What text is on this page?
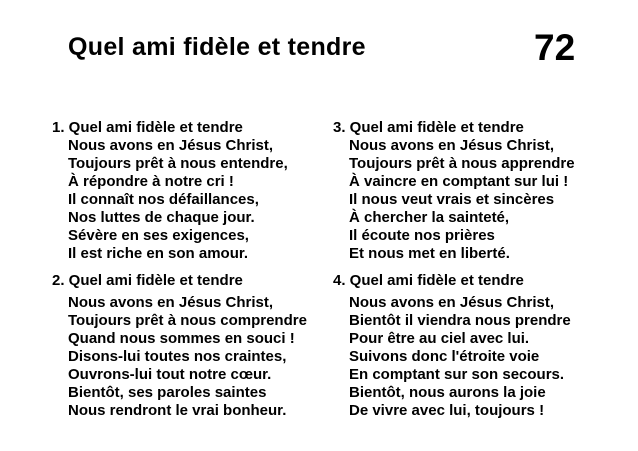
Quel ami fidèle et tendre	72
1. Quel ami fidèle et tendre
Nous avons en Jésus Christ,
Toujours prêt à nous entendre,
À répondre à notre cri !
Il connaît nos défaillances,
Nos luttes de chaque jour.
Sévère en ses exigences,
Il est riche en son amour.
3. Quel ami fidèle et tendre
Nous avons en Jésus Christ,
Toujours prêt à nous apprendre
À vaincre en comptant sur lui !
Il nous veut vrais et sincères
À chercher la sainteté,
Il écoute nos prières
Et nous met en liberté.
2. Quel ami fidèle et tendre
Nous avons en Jésus Christ,
Toujours prêt à nous comprendre
Quand nous sommes en souci !
Disons-lui toutes nos craintes,
Ouvrons-lui tout notre cœur.
Bientôt, ses paroles saintes
Nous rendront le vrai bonheur.
4. Quel ami fidèle et tendre
Nous avons en Jésus Christ,
Bientôt il viendra nous prendre
Pour être au ciel avec lui.
Suivons donc l'étroite voie
En comptant sur son secours.
Bientôt, nous aurons la joie
De vivre avec lui, toujours !
